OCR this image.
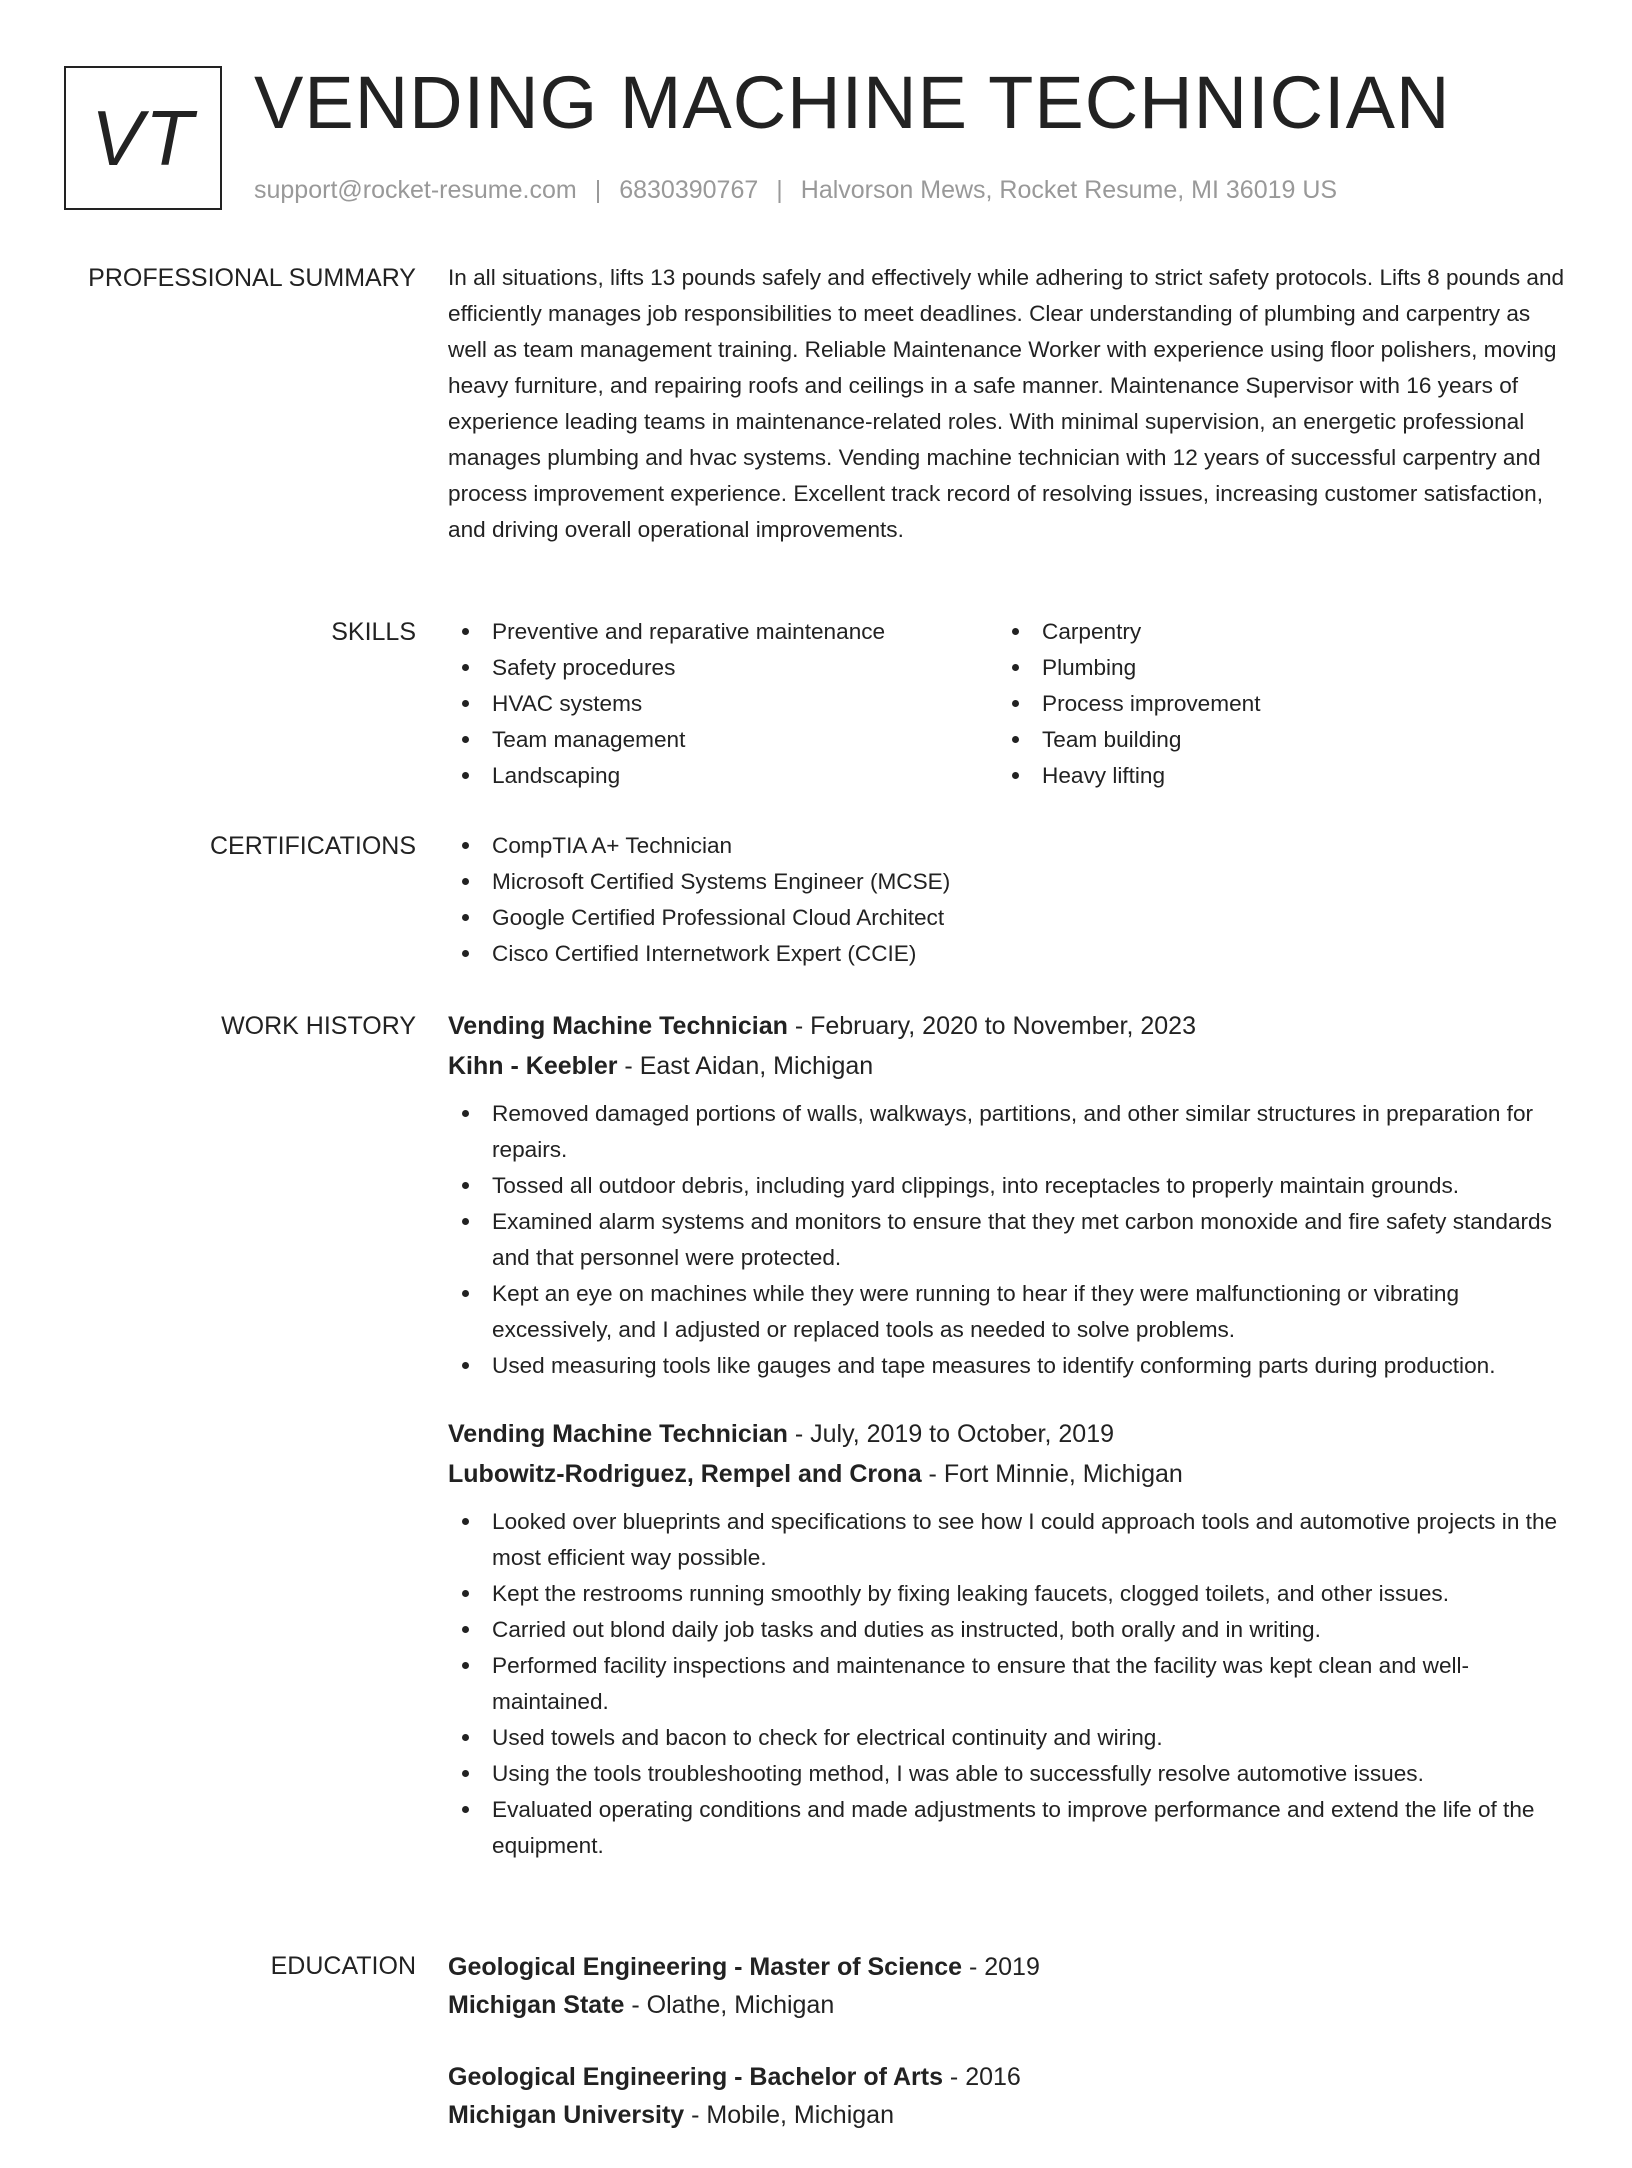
VT VENDING MACHINE TECHNICIAN
support@rocket-resume.com | 6830390767 | Halvorson Mews, Rocket Resume, MI 36019 US
PROFESSIONAL SUMMARY In all situations, lifts 13 pounds safely and effectively while adhering to strict safety protocols. Lifts 8 pounds and efficiently manages job responsibilities to meet deadlines. Clear understanding of plumbing and carpentry as well as team management training. Reliable Maintenance Worker with experience using floor polishers, moving heavy furniture, and repairing roofs and ceilings in a safe manner. Maintenance Supervisor with 16 years of experience leading teams in maintenance-related roles. With minimal supervision, an energetic professional manages plumbing and hvac systems. Vending machine technician with 12 years of successful carpentry and process improvement experience. Excellent track record of resolving issues, increasing customer satisfaction, and driving overall operational improvements.

SKILLS	Preventive and reparative maintenance
Safety procedures
HVAC systems
Team management
Landscaping
Carpentry
Plumbing
Process improvement
Team building
Heavy lifting
CERTIFICATIONS	CompTIA A+ Technician
Microsoft Certified Systems Engineer (MCSE)
Google Certified Professional Cloud Architect
Cisco Certified Internetwork Expert (CCIE)
WORK HISTORY Vending Machine Technician - February, 2020 to November, 2023
Kihn - Keebler - East Aidan, Michigan
Removed damaged portions of walls, walkways, partitions, and other similar structures in preparation for repairs.
Tossed all outdoor debris, including yard clippings, into receptacles to properly maintain grounds.
Examined alarm systems and monitors to ensure that they met carbon monoxide and fire safety standards and that personnel were protected.
Kept an eye on machines while they were running to hear if they were malfunctioning or vibrating excessively, and I adjusted or replaced tools as needed to solve problems.
Used measuring tools like gauges and tape measures to identify conforming parts during production.
Vending Machine Technician - July, 2019 to October, 2019
Lubowitz-Rodriguez, Rempel and Crona - Fort Minnie, Michigan
Looked over blueprints and specifications to see how I could approach tools and automotive projects in the most efficient way possible.
Kept the restrooms running smoothly by fixing leaking faucets, clogged toilets, and other issues.
Carried out blond daily job tasks and duties as instructed, both orally and in writing.
Performed facility inspections and maintenance to ensure that the facility was kept clean and well-maintained.
Used towels and bacon to check for electrical continuity and wiring.
Using the tools troubleshooting method, I was able to successfully resolve automotive issues.
Evaluated operating conditions and made adjustments to improve performance and extend the life of the equipment.
EDUCATION Geological Engineering - Master of Science - 2019
Michigan State - Olathe, Michigan
Geological Engineering - Bachelor of Arts - 2016
Michigan University - Mobile, Michigan
